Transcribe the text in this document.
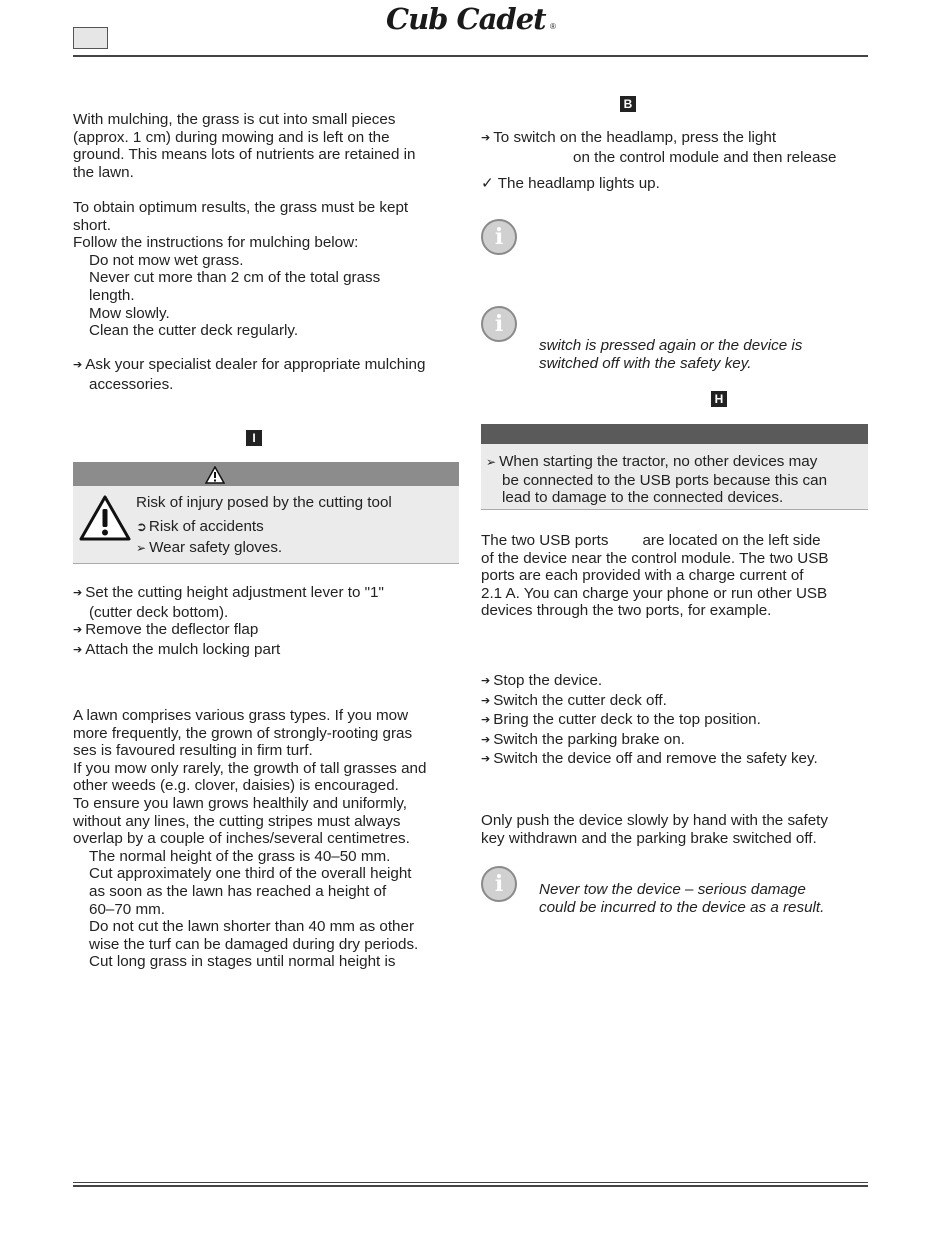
Cub Cadet ®
With mulching, the grass is cut into small pieces
(approx. 1 cm) during mowing and is left on the
ground. This means lots of nutrients are retained in
the lawn.
To obtain optimum results, the grass must be kept
short.
Follow the instructions for mulching below:
Do not mow wet grass.
Never cut more than 2 cm of the total grass
length.
Mow slowly.
Clean the cutter deck regularly.
➔ Ask your specialist dealer for appropriate mulching
accessories.
I
Risk of injury posed by the cutting tool
➲ Risk of accidents
➢ Wear safety gloves.
➔ Set the cutting height adjustment lever to "1"
(cutter deck bottom).
➔ Remove the deflector flap
➔ Attach the mulch locking part
A lawn comprises various grass types. If you mow
more frequently, the grown of strongly-rooting gras
ses is favoured resulting in firm turf.
If you mow only rarely, the growth of tall grasses and
other weeds (e.g. clover, daisies) is encouraged.
To ensure you lawn grows healthily and uniformly,
without any lines, the cutting stripes must always
overlap by a couple of inches/several centimetres.
The normal height of the grass is 40–50 mm.
Cut approximately one third of the overall height
as soon as the lawn has reached a height of
60–70 mm.
Do not cut the lawn shorter than 40 mm as other
wise the turf can be damaged during dry periods.
Cut long grass in stages until normal height is
B
➔ To switch on the headlamp, press the light
on the control module and then release
✓ The headlamp lights up.
i
i
switch is pressed again or the device is
switched off with the safety key.
H
➢ When starting the tractor, no other devices may
be connected to the USB ports because this can
lead to damage to the connected devices.
The two USB ports are located on the left side
of the device near the control module. The two USB
ports are each provided with a charge current of
2.1 A. You can charge your phone or run other USB
devices through the two ports, for example.
➔ Stop the device.
➔ Switch the cutter deck off.
➔ Bring the cutter deck to the top position.
➔ Switch the parking brake on.
➔ Switch the device off and remove the safety key.
Only push the device slowly by hand with the safety
key withdrawn and the parking brake switched off.
i	Never tow the device – serious damage
could be incurred to the device as a result.
